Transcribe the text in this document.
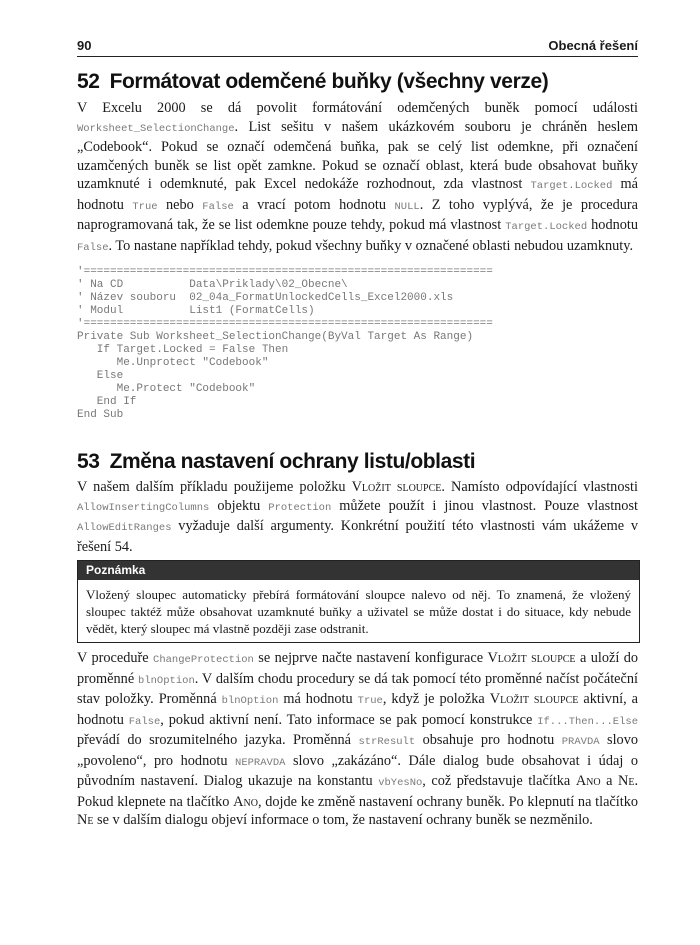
90	Obecná řešení
52 Formátovat odemčené buňky (všechny verze)
V Excelu 2000 se dá povolit formátování odemčených buněk pomocí události Worksheet_SelectionChange. List sešitu v našem ukázkovém souboru je chráněn heslem „Codebook“. Pokud se označí odemčená buňka, pak se celý list odemkne, při označení uzamčených buněk se list opět zamkne. Pokud se označí oblast, která bude obsahovat buňky uzamknuté i odemknuté, pak Excel nedokáže rozhodnout, zda vlastnost Target.Locked má hodnotu True nebo False a vrací potom hodnotu NULL. Z toho vyplývá, že je procedura naprogramovaná tak, že se list odemkne pouze tehdy, pokud má vlastnost Target.Locked hodnotu False. To nastane například tehdy, pokud všechny buňky v označené oblasti nebudou uzamknuty.
'==============================================================
' Na CD          Data\Priklady\02_Obecne\
' Název souboru  02_04a_FormatUnlockedCells_Excel2000.xls
' Modul          List1 (FormatCells)
'==============================================================
Private Sub Worksheet_SelectionChange(ByVal Target As Range)
If Target.Locked = False Then
Me.Unprotect "Codebook"
Else
Me.Protect "Codebook"
End If
End Sub
53 Změna nastavení ochrany listu/oblasti
V našem dalším příkladu použijeme položku Vložit sloupce. Namísto odpovídající vlastnosti AllowInsertingColumns objektu Protection můžete použít i jinou vlastnost. Pouze vlastnost AllowEditRanges vyžaduje další argumenty. Konkrétní použití této vlastnosti vám ukážeme v řešení 54.
Poznámka
Vložený sloupec automaticky přebírá formátování sloupce nalevo od něj. To znamená, že vložený sloupec taktéž může obsahovat uzamknuté buňky a uživatel se může dostat i do situace, kdy nebude vědět, který sloupec má vlastně později zase odstranit.
V proceduře ChangeProtection se nejprve načte nastavení konfigurace Vložit sloupce a uloží do proměnné blnOption. V dalším chodu procedury se dá tak pomocí této proměnné načíst počáteční stav položky. Proměnná blnOption má hodnotu True, když je položka Vložit sloupce aktivní, a hodnotu False, pokud aktivní není. Tato informace se pak pomocí konstrukce If...Then...Else převádí do srozumitelného jazyka. Proměnná strResult obsahuje pro hodnotu PRAVDA slovo „povoleno“, pro hodnotu NEPRAVDA slovo „zakázáno“. Dále dialog bude obsahovat i údaj o původním nastavení. Dialog ukazuje na konstantu vbYesNo, což představuje tlačítka Ano a Ne. Pokud klepnete na tlačítko Ano, dojde ke změně nastavení ochrany buněk. Po klepnutí na tlačítko Ne se v dalším dialogu objeví informace o tom, že nastavení ochrany buněk se nezměnilo.
